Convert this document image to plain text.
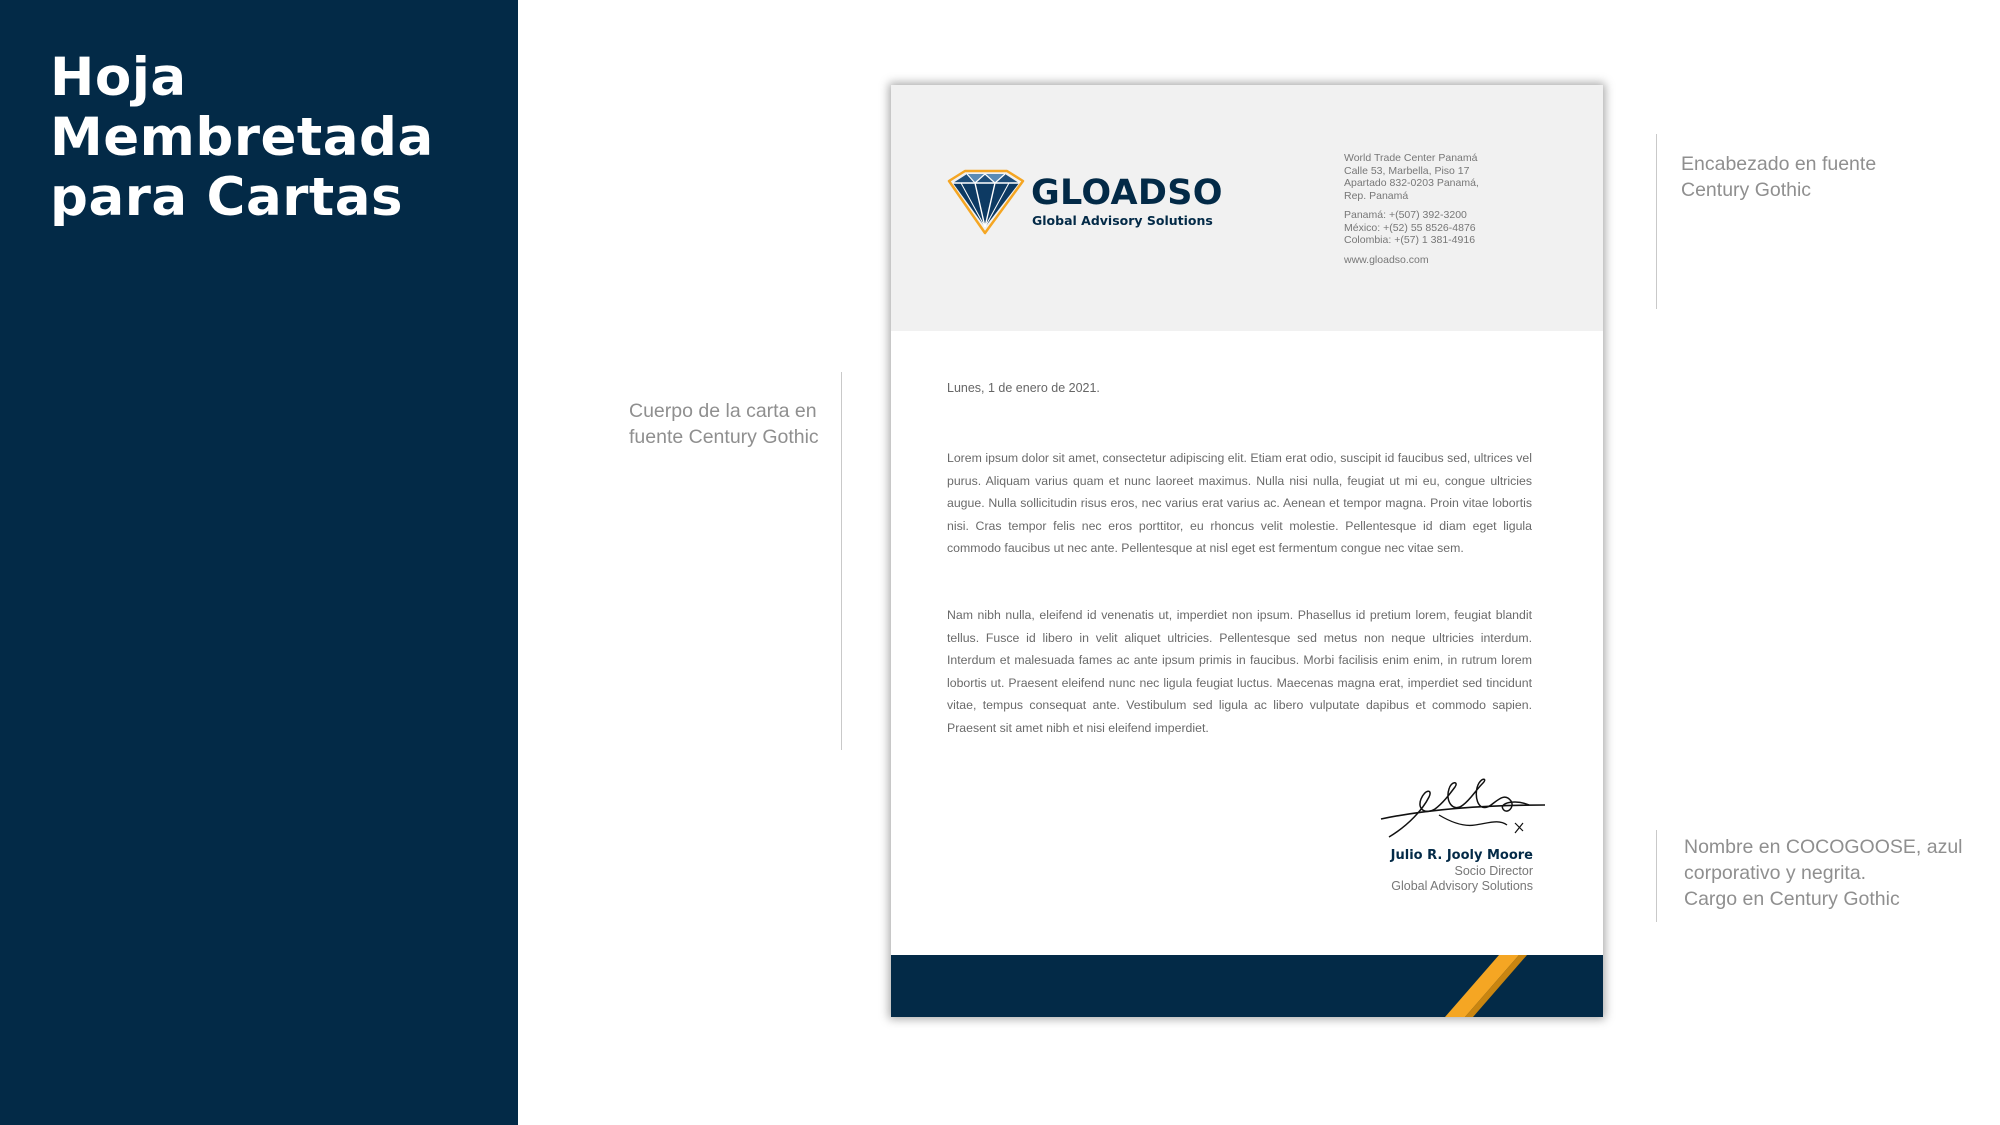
Hoja
Membretada
para Cartas
Cuerpo de la carta en
fuente Century Gothic
Encabezado en fuente
Century Gothic
Nombre en COCOGOOSE, azul
corporativo y negrita.
Cargo en Century Gothic
GLOADSO
Global Advisory Solutions
World Trade Center Panamá
Calle 53, Marbella, Piso 17
Apartado 832-0203 Panamá,
Rep. Panamá
Panamá: +(507) 392-3200
México: +(52) 55 8526-4876
Colombia: +(57) 1 381-4916
www.gloadso.com
Lunes, 1 de enero de 2021.

Lorem ipsum dolor sit amet, consectetur adipiscing elit. Etiam erat odio, suscipit id faucibus sed, ultrices vel purus. Aliquam varius quam et nunc laoreet maximus. Nulla nisi nulla, feugiat ut mi eu, congue ultricies augue. Nulla sollicitudin risus eros, nec varius erat varius ac. Aenean et tempor magna. Proin vitae lobortis nisi. Cras tempor felis nec eros porttitor, eu rhoncus velit molestie. Pellentesque id diam eget ligula commodo faucibus ut nec ante. Pellentesque at nisl eget est fermentum congue nec vitae sem.

Nam nibh nulla, eleifend id venenatis ut, imperdiet non ipsum. Phasellus id pretium lorem, feugiat blandit tellus. Fusce id libero in velit aliquet ultricies. Pellentesque sed metus non neque ultricies interdum. Interdum et malesuada fames ac ante ipsum primis in faucibus. Morbi facilisis enim enim, in rutrum lorem lobortis ut. Praesent eleifend nunc nec ligula feugiat luctus. Maecenas magna erat, imperdiet sed tincidunt vitae, tempus consequat ante. Vestibulum sed ligula ac libero vulputate dapibus et commodo sapien. Praesent sit amet nibh et nisi eleifend imperdiet.

Julio R. Jooly Moore
Socio Director
Global Advisory Solutions
